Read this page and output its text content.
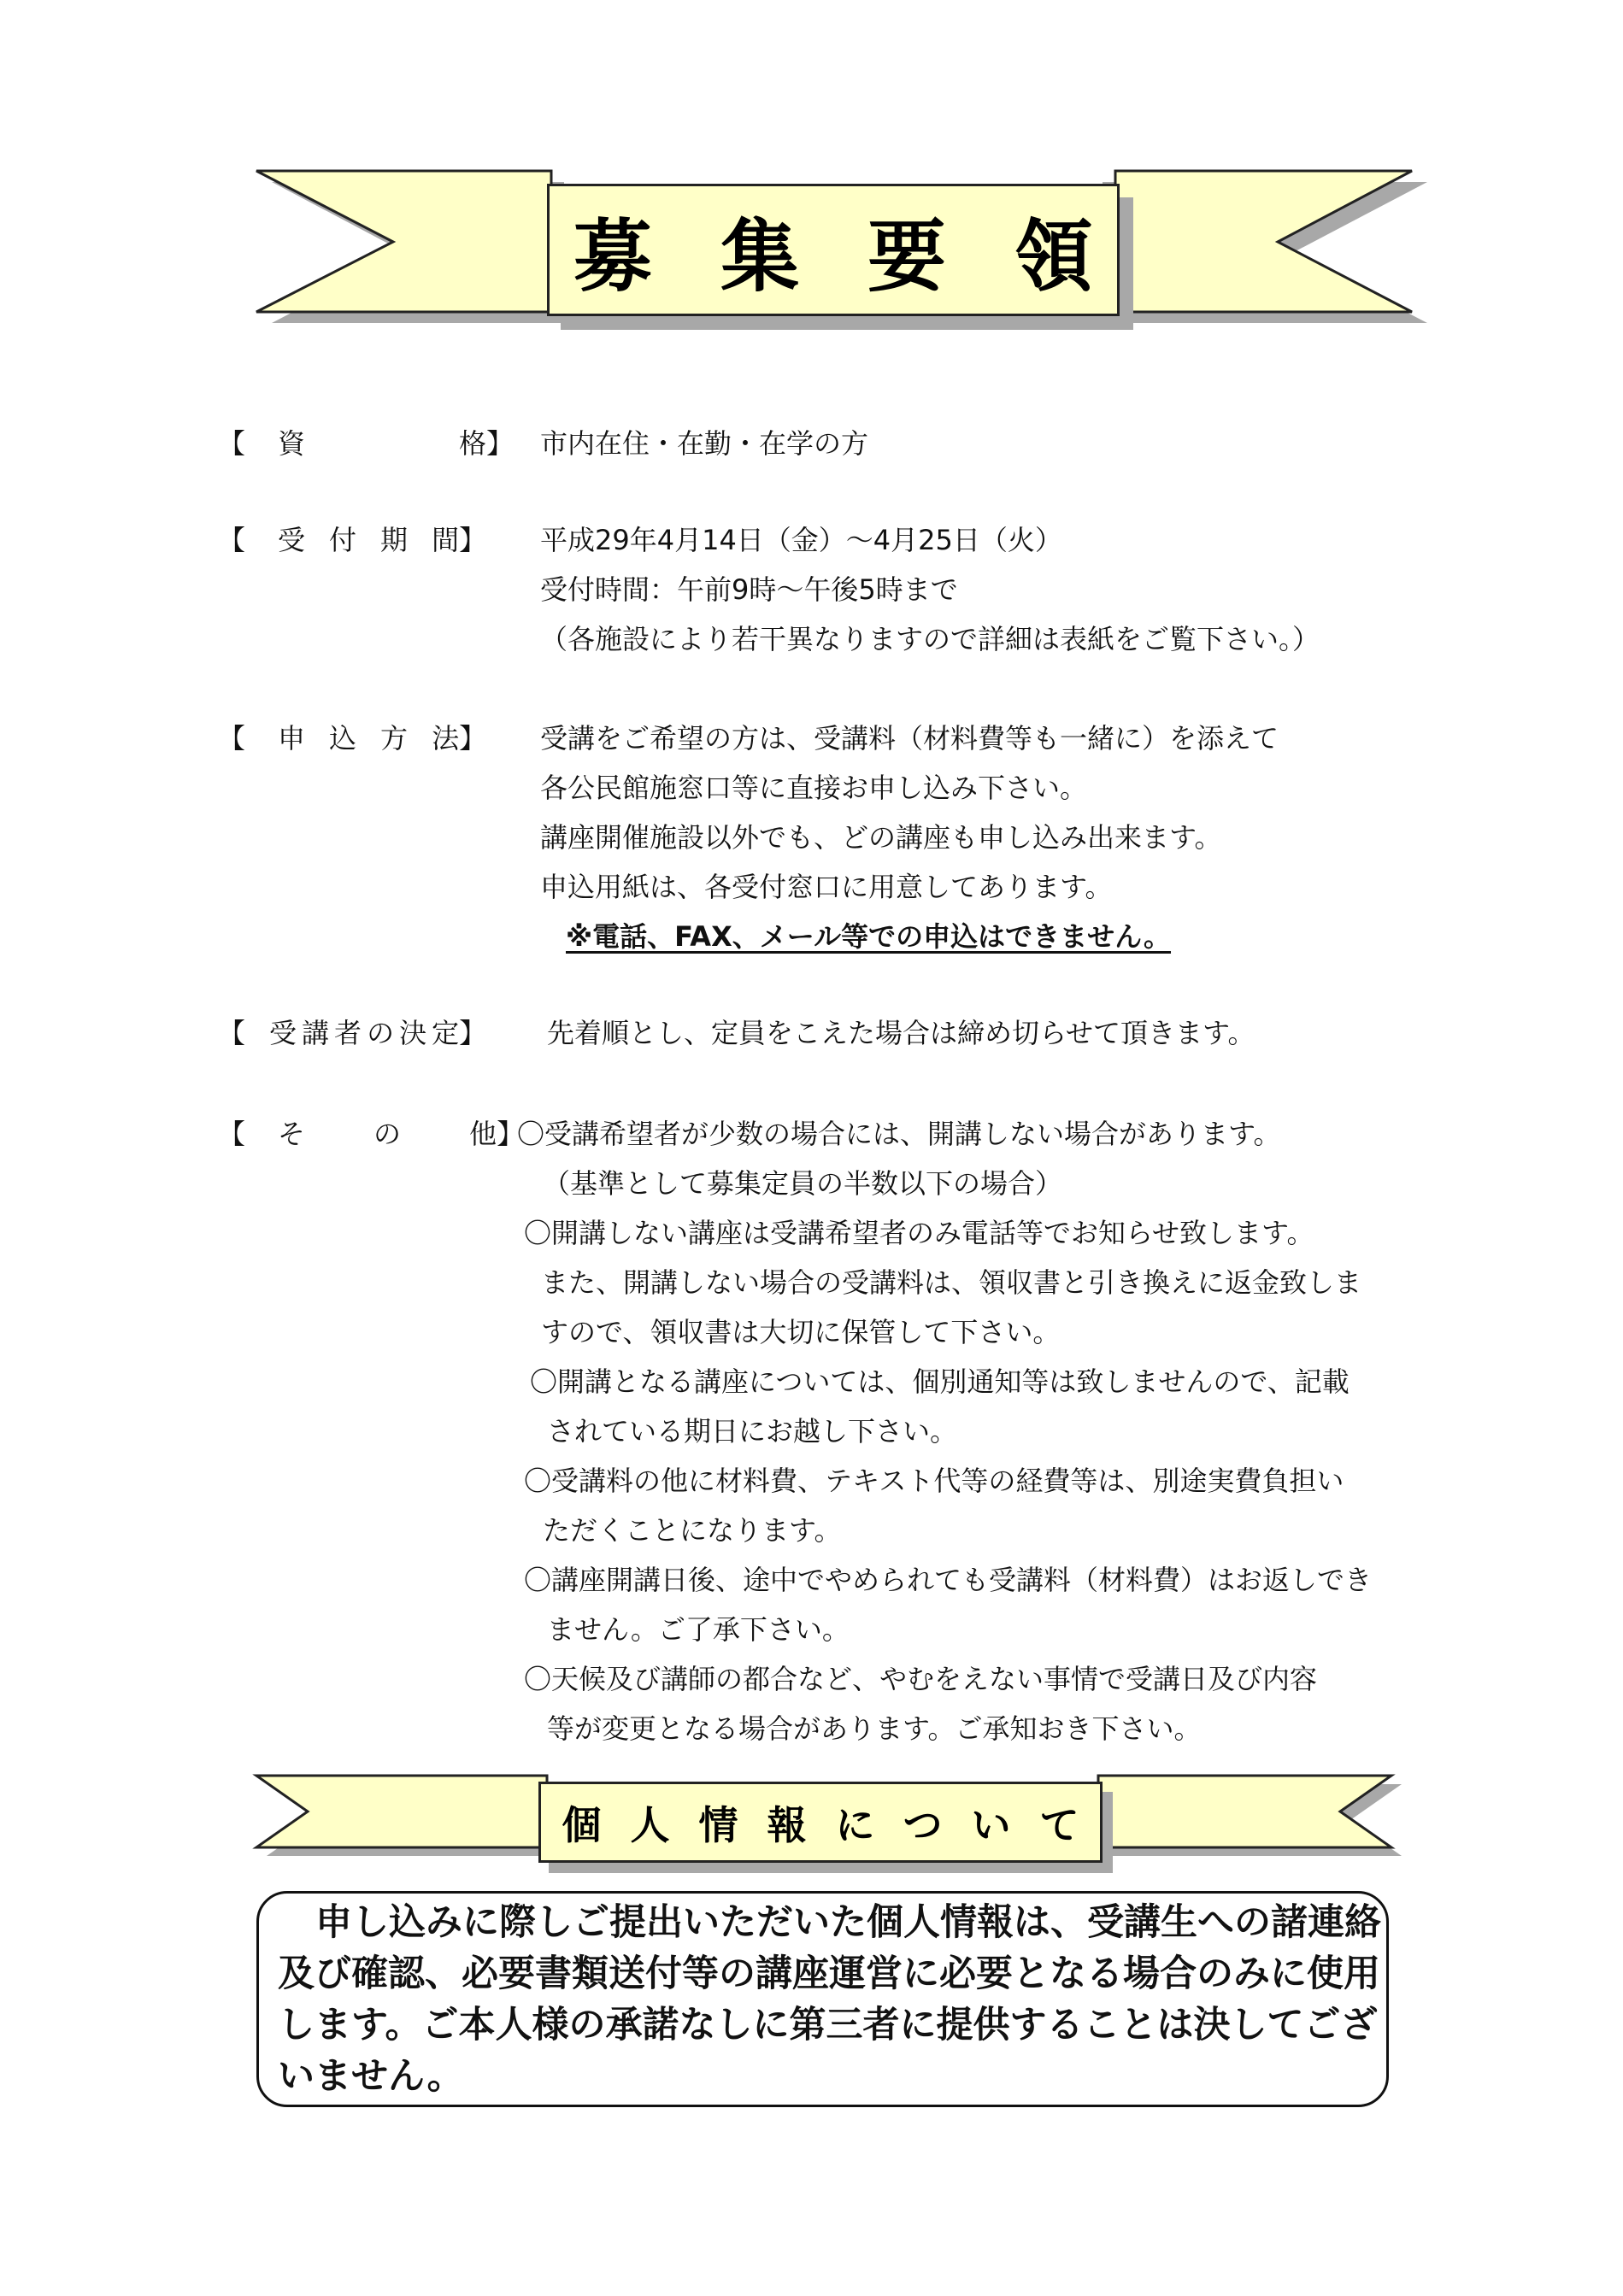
募集要領
【 資	格】 市内在住・在勤・在学の方
【 受 付 期 間】 平成29年4月14日（金）～4月25日（火）
受付時間：午前9時～午後5時まで
（各施設により若干異なりますので詳細は表紙をご覧下さい。）
【 申 込 方 法】 受講をご希望の方は、受講料（材料費等も一緒に）を添えて
各公民館施窓口等に直接お申し込み下さい。
講座開催施設以外でも、どの講座も申し込み出来ます。
申込用紙は、各受付窓口に用意してあります。
※電話、FAX、メール等での申込はできません。
【 受 講 者 の 決 定】 先着順とし、定員をこえた場合は締め切らせて頂きます。
【 そ	の	他】
〇受講希望者が少数の場合には、開講しない場合があります。
（基準として募集定員の半数以下の場合）
〇開講しない講座は受講希望者のみ電話等でお知らせ致します。
また、開講しない場合の受講料は、領収書と引き換えに返金致しま
すので、領収書は大切に保管して下さい。
〇開講となる講座については、個別通知等は致しませんので、記載
されている期日にお越し下さい。
〇受講料の他に材料費、テキスト代等の経費等は、別途実費負担い
ただくことになります。
〇講座開講日後、途中でやめられても受講料（材料費）はお返しでき
ません。ご了承下さい。
〇天候及び講師の都合など、やむをえない事情で受講日及び内容
等が変更となる場合があります。ご承知おき下さい。
個人情報について
申し込みに際しご提出いただいた個人情報は、受講生への諸連絡
及び確認、必要書類送付等の講座運営に必要となる場合のみに使用
します。ご本人様の承諾なしに第三者に提供することは決してござ
いません。
